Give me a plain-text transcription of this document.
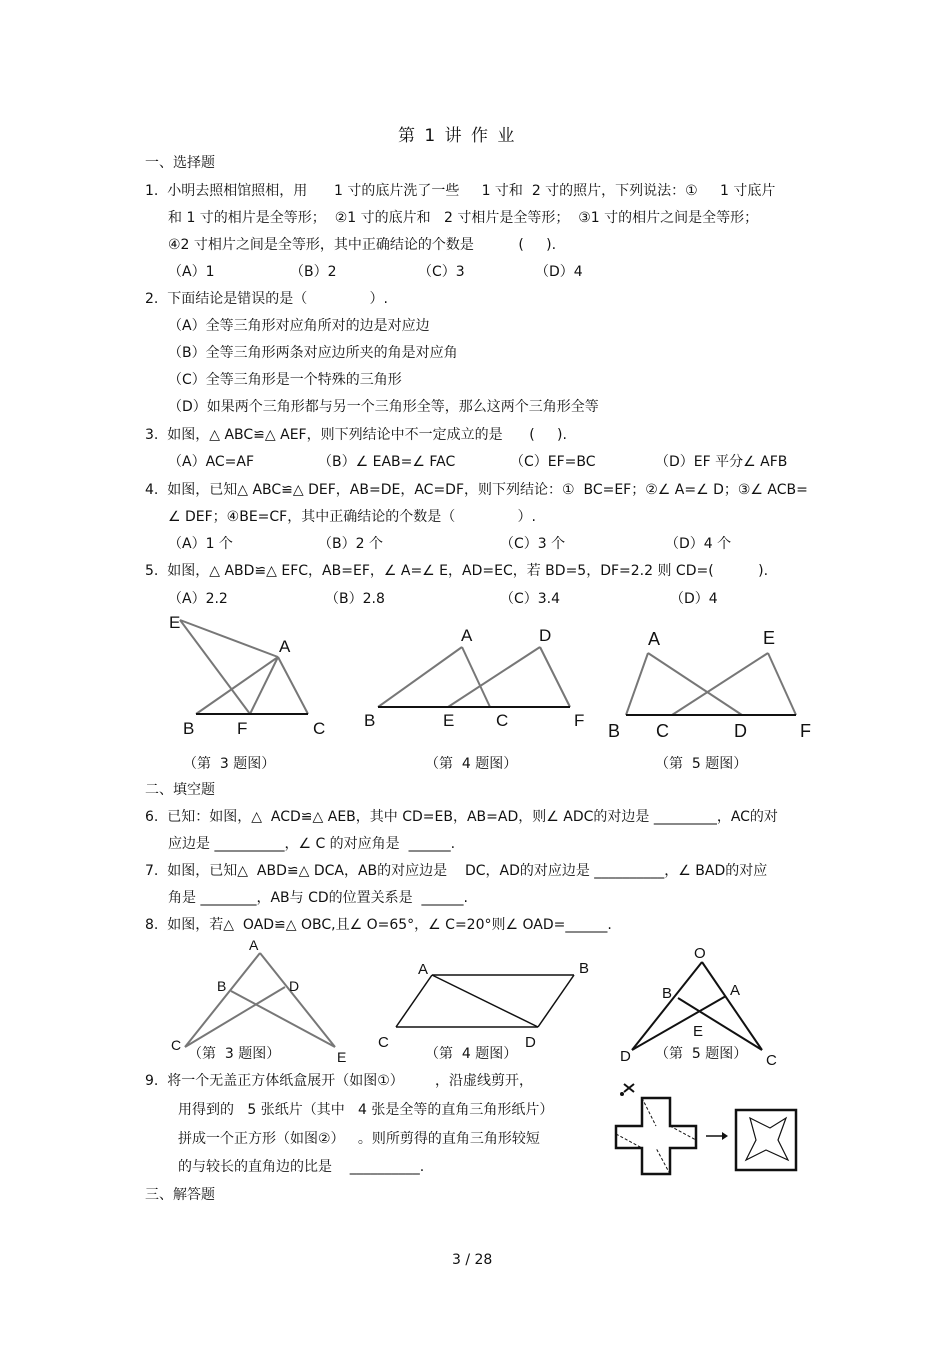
第 1 讲 作 业
一、选择题
1.  小明去照相馆照相，用      1 寸的底片洗了一些     1 寸和  2 寸的照片，下列说法：①     1 寸底片
和 1 寸的相片是全等形；  ②1 寸的底片和   2 寸相片是全等形；  ③1 寸的相片之间是全等形；
④2 寸相片之间是全等形，其中正确结论的个数是          (     ).
（A）1	（B）2	（C）3	（D）4
2.  下面结论是错误的是（              ）.
（A）全等三角形对应角所对的边是对应边
（B）全等三角形两条对应边所夹的角是对应角
（C）全等三角形是一个特殊的三角形
（D）如果两个三角形都与另一个三角形全等，那么这两个三角形全等
3.  如图，△ ABC≌△ AEF，则下列结论中不一定成立的是      (     ).
（A）AC=AF	（B）∠ EAB=∠ FAC	（C）EF=BC	（D）EF 平分∠ AFB
4.  如图，已知△ ABC≌△ DEF，AB=DE，AC=DF，则下列结论：①  BC=EF；②∠ A=∠ D；③∠ ACB=
∠ DEF；④BE=CF，其中正确结论的个数是（              ）.
（A）1 个	（B）2 个	（C）3 个	（D）4 个
5.  如图，△ ABD≌△ EFC，AB=EF，∠ A=∠ E，AD=EC，若 BD=5，DF=2.2 则 CD=(          ).
（A）2.2	（B）2.8	（C）3.4	（D）4
E
A
B	F	C
（第  3 题图）
A	D
B	E C	F
（第  4 题图）
A	E
B C	D	F
（第  5 题图）
二、填空题
6.  已知：如图，△  ACD≌△ AEB，其中 CD=EB，AB=AD，则∠ ADC的对边是 _________，AC的对
应边是 __________，∠ C 的对应角是  ______.
7.  如图，已知△  ABD≌△ DCA，AB的对应边是    DC，AD的对应边是 __________，∠ BAD的对应
角是 ________，AB与 CD的位置关系是  ______.
8.  如图，若△  OAD≌△ OBC,且∠ O=65°，∠ C=20°则∠ OAD=______.
A
B	D
C
E
（第  3 题图）
A	B
C	D
（第  4 题图）
O
B	A
E
D	C
（第  5 题图）
9.  将一个无盖正方体纸盒展开（如图①）       ，沿虚线剪开，
用得到的   5 张纸片（其中   4 张是全等的直角三角形纸片）
拼成一个正方形（如图②）   。则所剪得的直角三角形较短
的与较长的直角边的比是    __________.
三、解答题
3 / 28
